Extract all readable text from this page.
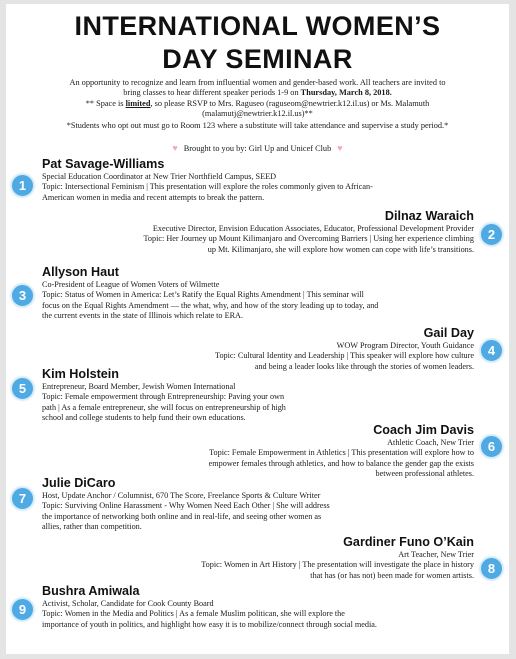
INTERNATIONAL WOMEN’S
DAY SEMINAR

An opportunity to recognize and learn from influential women and gender-based work. All teachers are invited to

bring classes to hear different speaker periods 1-9 on Thursday, March 8, 2018.

** Space is limited, so please RSVP to Mrs. Raguseo (raguseom@newtrier.k12.il.us) or Ms. Malamuth

(malamutj@newtrier.k12.il.us)**

*Students who opt out must go to Room 123 where a substitute will take attendance and supervise a study period.*

♥ Brought to you by: Girl Up and Unicef Club ♥
1

Pat Savage-Williams

Special Education Coordinator at New Trier Northfield Campus, SEED

Topic: Intersectional Feminism | This presentation will explore the roles commonly given to African-

American women in media and recent attempts to break the pattern.

2

Dilnaz Waraich

Executive Director, Envision Education Associates, Educator, Professional Development Provider

Topic: Her Journey up Mount Kilimanjaro and Overcoming Barriers | Using her experience climbing

up Mt. Kilimanjaro, she will explore how women can cope with life’s transitions.

3

Allyson Haut

Co-President of League of Women Voters of Wilmette

Topic: Status of Women in America: Let’s Ratify the Equal Rights Amendment | This seminar will

focus on the Equal Rights Amendment — the what, why, and how of the story leading up to today, and

the current events in the state of Illinois which relate to ERA.

4

Gail Day

WOW Program Director, Youth Guidance

Topic: Cultural Identity and Leadership | This speaker will explore how culture

and being a leader looks like through the stories of women leaders.

5

Kim Holstein

Entrepreneur, Board Member, Jewish Women International

Topic: Female empowerment through Entrepreneurship: Paving your own

path | As a female entrepreneur, she will focus on entrepreneurship of high

school and college students to help fund their own educations.

6

Coach Jim Davis

Athletic Coach, New Trier

Topic: Female Empowerment in Athletics | This presentation will explore how to

empower females through athletics, and how to balance the gender gap the exists

between professional athletes.

7

Julie DiCaro

Host, Update Anchor / Columnist, 670 The Score, Freelance Sports & Culture Writer

Topic: Surviving Online Harassment - Why Women Need Each Other | She will address

the importance of networking both online and in real-life, and seeing other women as

allies, rather than competition.

8

Gardiner Funo O’Kain

Art Teacher, New Trier

Topic: Women in Art History | The presentation will investigate the place in history

that has (or has not) been made for women artists.

9

Bushra Amiwala

Activist, Scholar, Candidate for Cook County Board

Topic: Women in the Media and Politics | As a female Muslim politican, she will explore the

importance of youth in politics, and highlight how easy it is to mobilize/connect through social media.
